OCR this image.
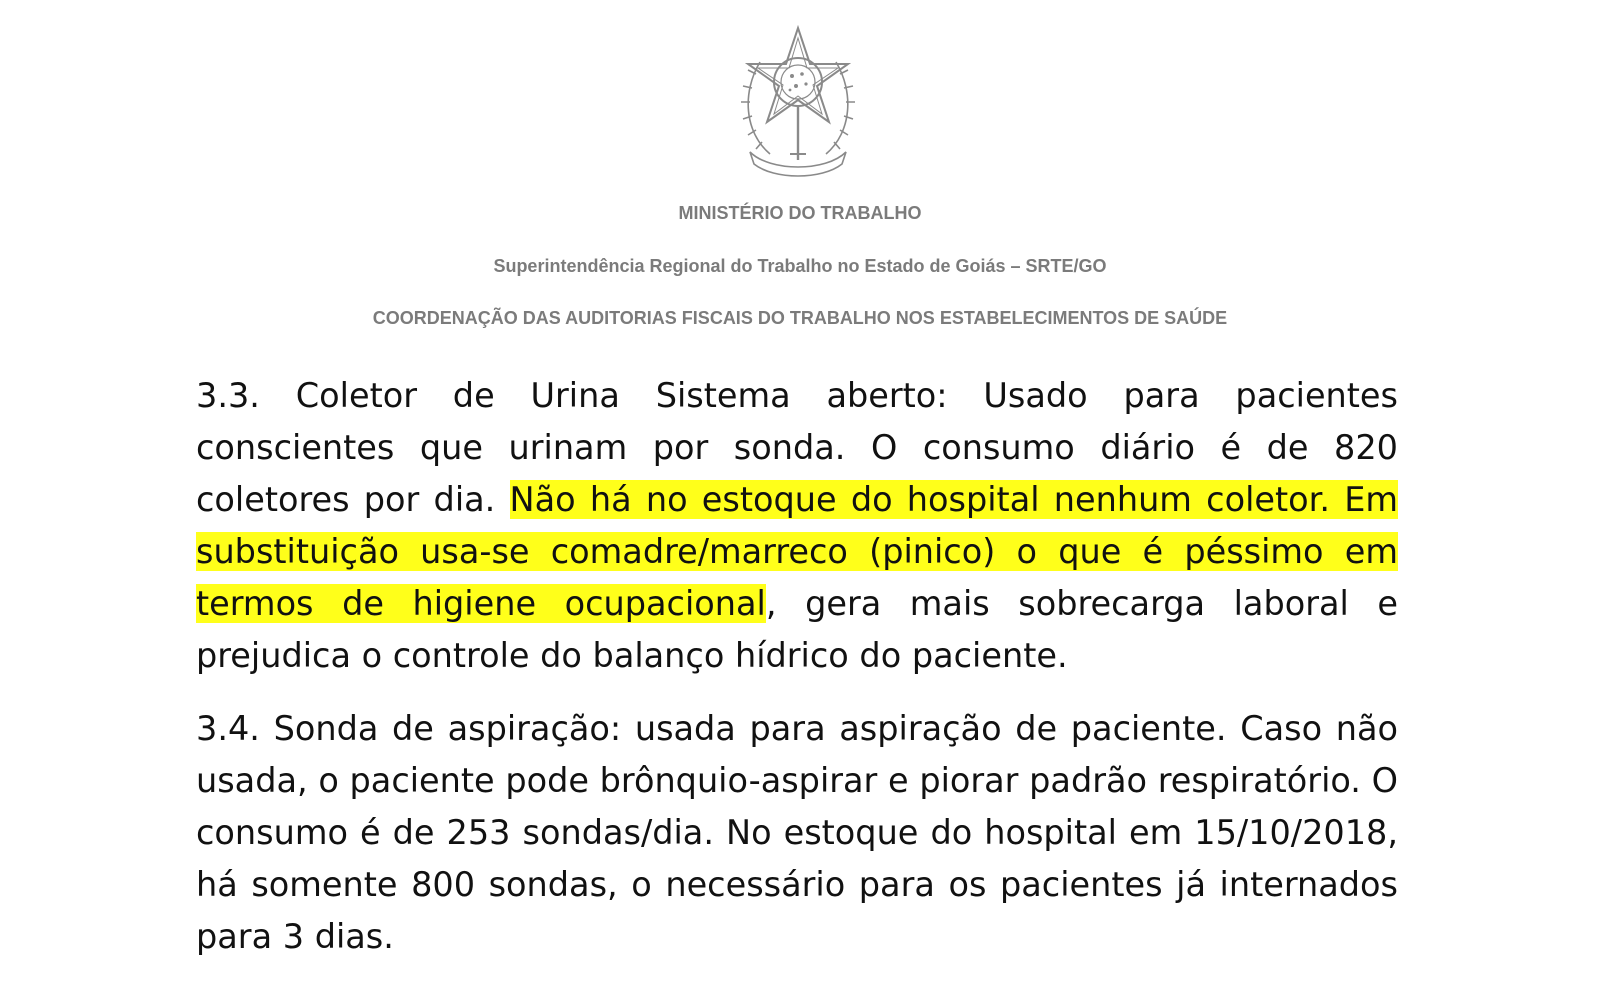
MINISTÉRIO DO TRABALHO
Superintendência Regional do Trabalho no Estado de Goiás – SRTE/GO
COORDENAÇÃO DAS AUDITORIAS FISCAIS DO TRABALHO NOS ESTABELECIMENTOS DE SAÚDE
3.3. Coletor de Urina Sistema aberto: Usado para pacientes conscientes que urinam por sonda. O consumo diário é de 820 coletores por dia. Não há no estoque do hospital nenhum coletor. Em substituição usa-se comadre/marreco (pinico) o que é péssimo em termos de higiene ocupacional, gera mais sobrecarga laboral e prejudica o controle do balanço hídrico do paciente.
3.4. Sonda de aspiração: usada para aspiração de paciente. Caso não usada, o paciente pode brônquio-aspirar e piorar padrão respiratório. O consumo é de 253 sondas/dia. No estoque do hospital em 15/10/2018, há somente 800 sondas, o necessário para os pacientes já internados para 3 dias.
